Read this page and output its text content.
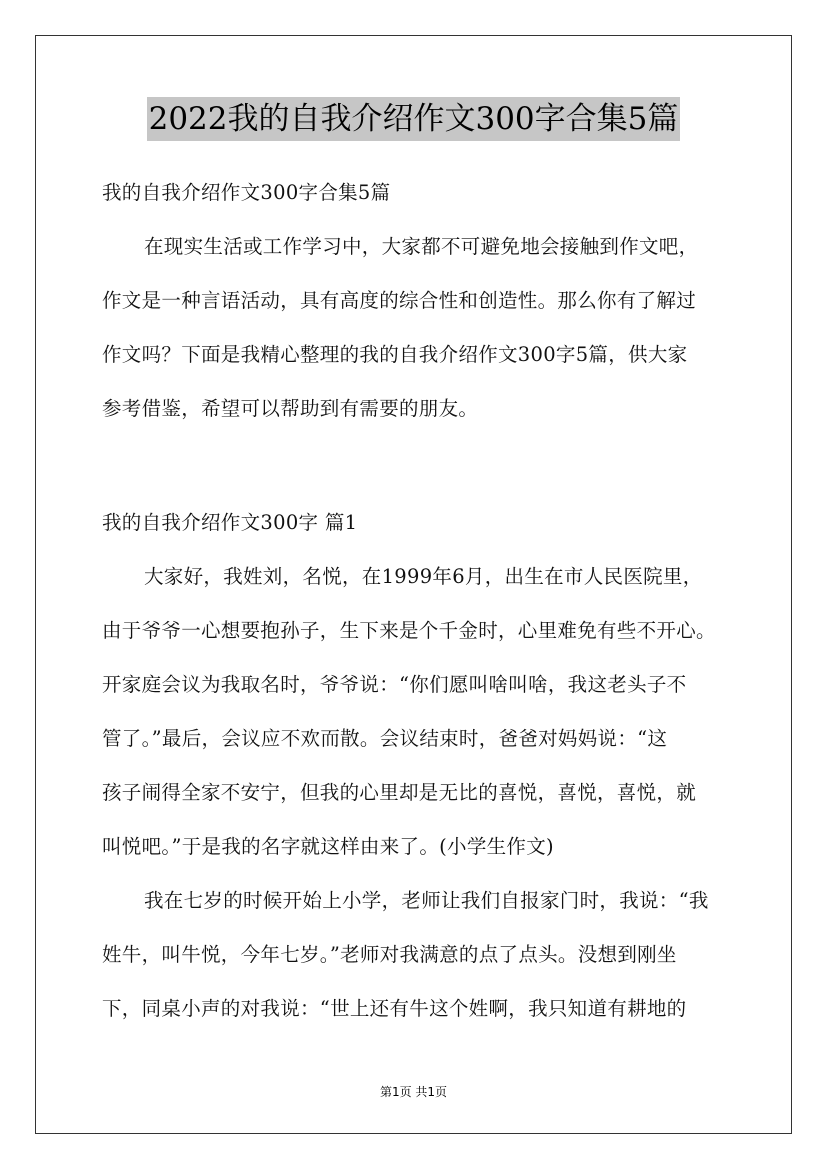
2022我的自我介绍作文300字合集5篇
我的自我介绍作文300字合集5篇
在现实生活或工作学习中，大家都不可避免地会接触到作文吧，
作文是一种言语活动，具有高度的综合性和创造性。那么你有了解过
作文吗？下面是我精心整理的我的自我介绍作文300字5篇，供大家
参考借鉴，希望可以帮助到有需要的朋友。
我的自我介绍作文300字 篇1
大家好，我姓刘，名悦，在1999年6月，出生在市人民医院里，
由于爷爷一心想要抱孙子，生下来是个千金时，心里难免有些不开心。
开家庭会议为我取名时，爷爷说：“你们愿叫啥叫啥，我这老头子不
管了。”最后，会议应不欢而散。会议结束时，爸爸对妈妈说：“这
孩子闹得全家不安宁，但我的心里却是无比的喜悦，喜悦，喜悦，就
叫悦吧。”于是我的名字就这样由来了。(小学生作文)
我在七岁的时候开始上小学，老师让我们自报家门时，我说：“我
姓牛，叫牛悦，今年七岁。”老师对我满意的点了点头。没想到刚坐
下，同桌小声的对我说：“世上还有牛这个姓啊，我只知道有耕地的
第1页 共1页
